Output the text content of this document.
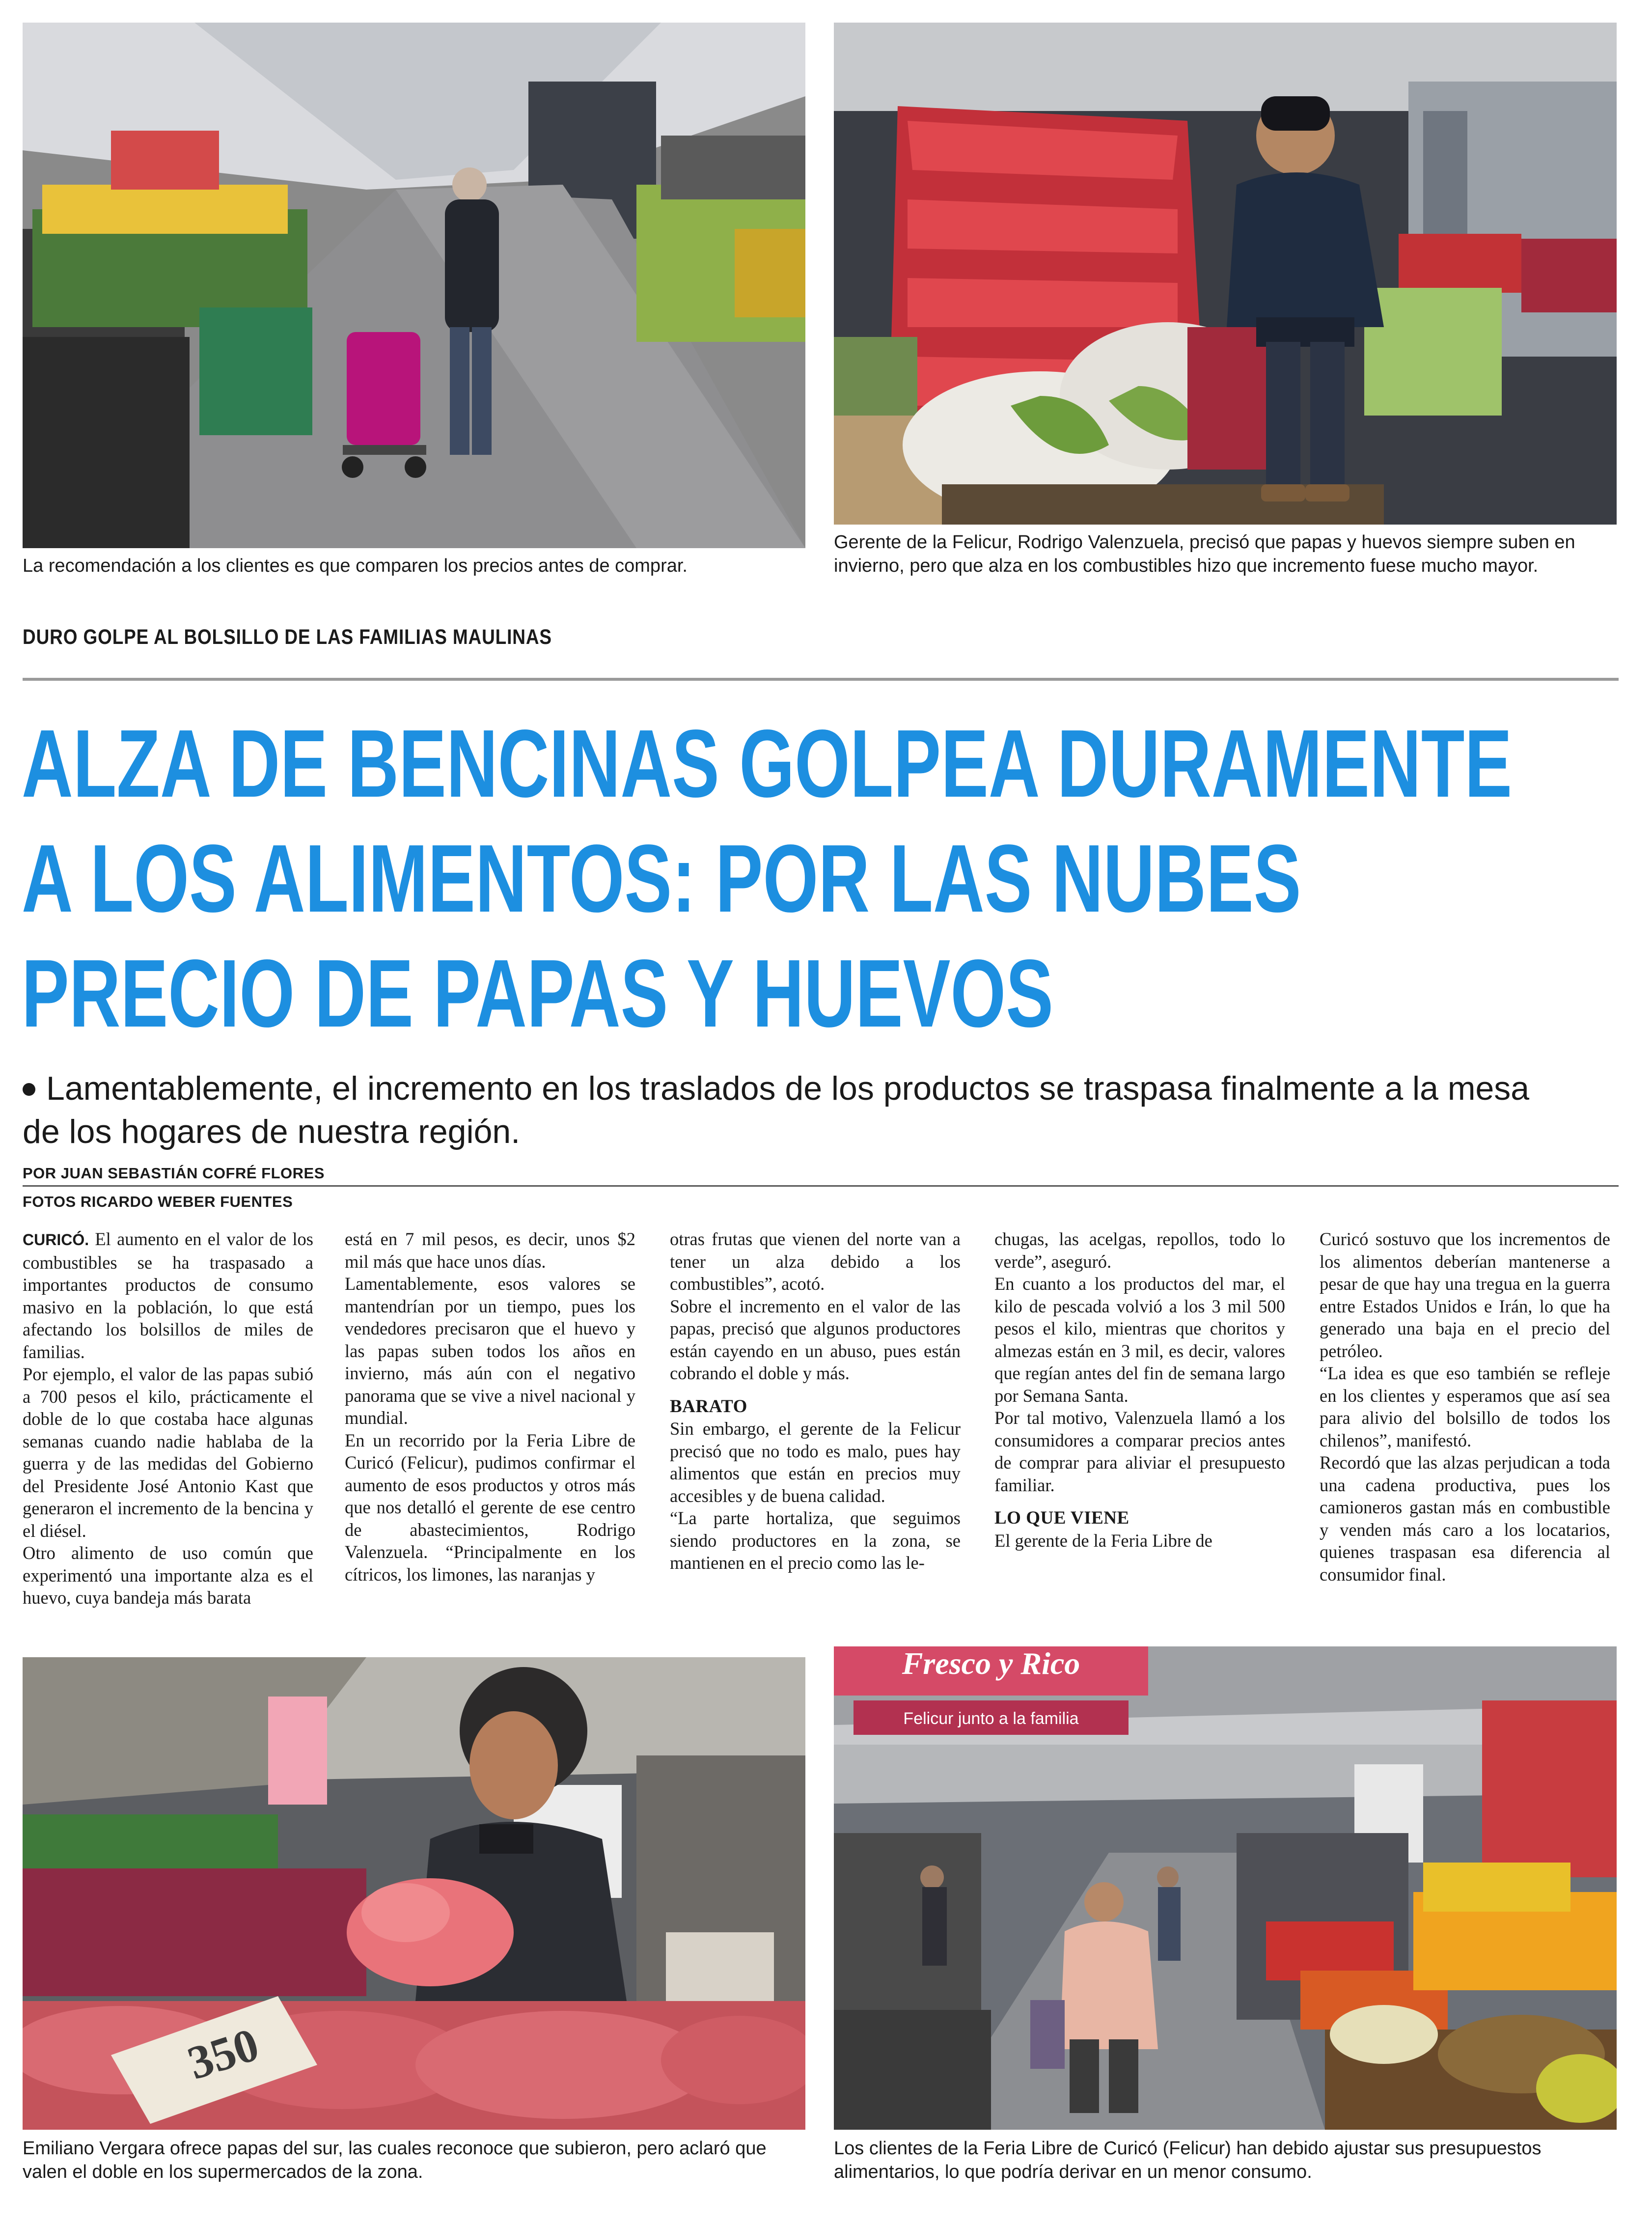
La recomendación a los clientes es que comparen los precios antes de comprar.
Gerente de la Felicur, Rodrigo Valenzuela, precisó que papas y huevos siempre suben en invierno, pero que alza en los combustibles hizo que incremento fuese mucho mayor.
DURO GOLPE AL BOLSILLO DE LAS FAMILIAS MAULINAS
ALZA DE BENCINAS GOLPEA DURAMENTE
A LOS ALIMENTOS: POR LAS NUBES
PRECIO DE PAPAS Y HUEVOS
Lamentablemente, el incremento en los traslados de los productos se traspasa finalmente a la mesa de los hogares de nuestra región.
POR JUAN SEBASTIÁN COFRÉ FLORES
FOTOS RICARDO WEBER FUENTES

CURICÓ. El aumento en el valor de los combustibles se ha traspasado a importantes productos de consumo masivo en la población, lo que está afectando los bolsillos de miles de familias.

Por ejemplo, el valor de las papas subió a 700 pesos el kilo, prácticamente el doble de lo que costaba hace algunas semanas cuando nadie hablaba de la guerra y de las medidas del Gobierno del Presidente José Antonio Kast que generaron el incremento de la bencina y el diésel.

Otro alimento de uso común que experimentó una importante alza es el huevo, cuya bandeja más barata

está en 7 mil pesos, es decir, unos $2 mil más que hace unos días.

Lamentablemente, esos valores se mantendrían por un tiempo, pues los vendedores precisaron que el huevo y las papas suben todos los años en invierno, más aún con el negativo panorama que se vive a nivel nacional y mundial.

En un recorrido por la Feria Libre de Curicó (Felicur), pudimos confirmar el aumento de esos productos y otros más que nos detalló el gerente de ese centro de abastecimientos, Rodrigo Valenzuela. “Principalmente en los cítricos, los limones, las naranjas y

otras frutas que vienen del norte van a tener un alza debido a los combustibles”, acotó.

Sobre el incremento en el valor de las papas, precisó que algunos productores están cayendo en un abuso, pues están cobrando el doble y más.

BARATO

Sin embargo, el gerente de la Felicur precisó que no todo es malo, pues hay alimentos que están en precios muy accesibles y de buena calidad.

“La parte hortaliza, que seguimos siendo productores en la zona, se mantienen en el precio como las le-

chugas, las acelgas, repollos, todo lo verde”, aseguró.

En cuanto a los productos del mar, el kilo de pescada volvió a los 3 mil 500 pesos el kilo, mientras que choritos y almezas están en 3 mil, es decir, valores que regían antes del fin de semana largo por Semana Santa.

Por tal motivo, Valenzuela llamó a los consumidores a comparar precios antes de comprar para aliviar el presupuesto familiar.

LO QUE VIENE

El gerente de la Feria Libre de

Curicó sostuvo que los incrementos de los alimentos deberían mantenerse a pesar de que hay una tregua en la guerra entre Estados Unidos e Irán, lo que ha generado una baja en el precio del petróleo.

“La idea es que eso también se refleje en los clientes y esperamos que así sea para alivio del bolsillo de todos los chilenos”, manifestó.

Recordó que las alzas perjudican a toda una cadena productiva, pues los camioneros gastan más en combustible y venden más caro a los locatarios, quienes traspasan esa diferencia al consumidor final.

350
Emiliano Vergara ofrece papas del sur, las cuales reconoce que subieron, pero aclaró que valen el doble en los supermercados de la zona.
Fresco y Rico
Felicur junto a la familia
Los clientes de la Feria Libre de Curicó (Felicur) han debido ajustar sus presupuestos alimentarios, lo que podría derivar en un menor consumo.
